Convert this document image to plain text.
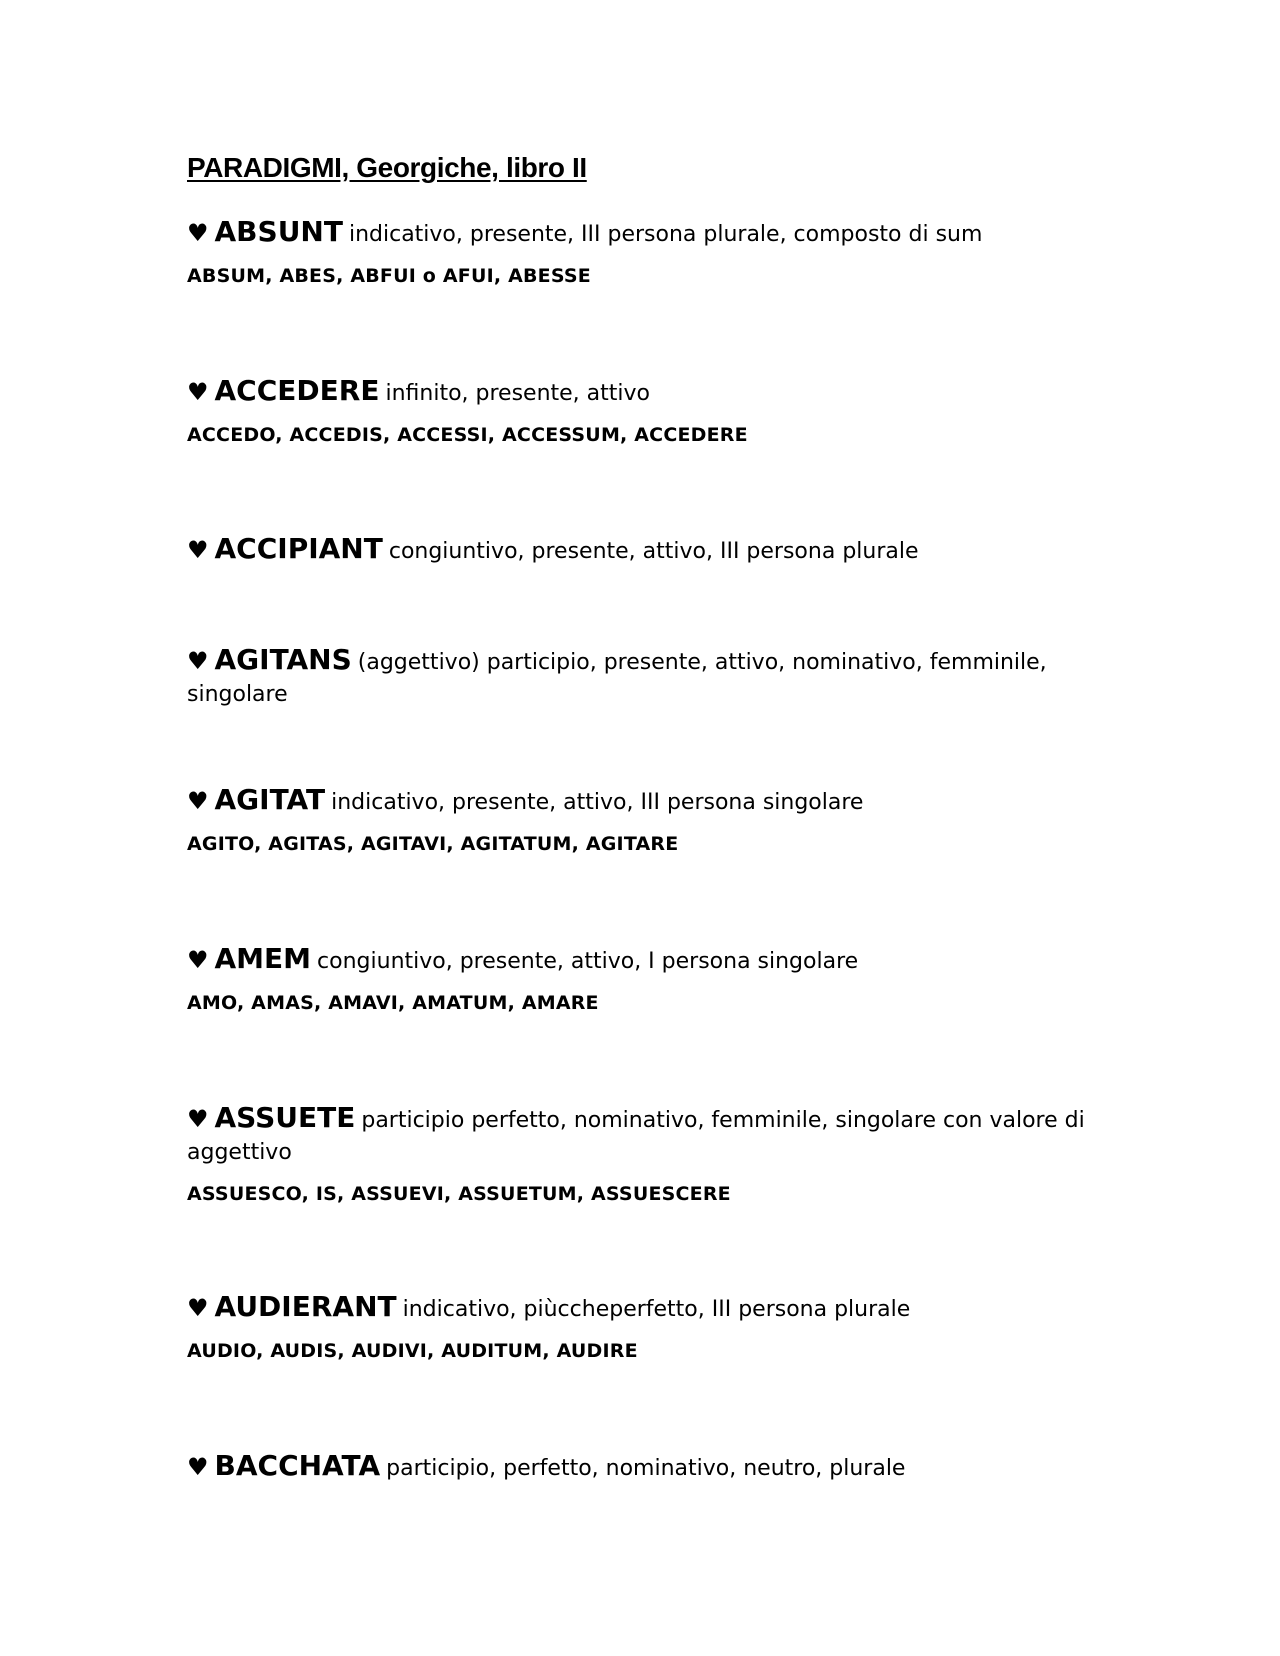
PARADIGMI, Georgiche, libro II

♥ ABSUNT indicativo, presente, III persona plurale, composto di sum

ABSUM, ABES, ABFUI o AFUI, ABESSE

♥ ACCEDERE infinito, presente, attivo

ACCEDO, ACCEDIS, ACCESSI, ACCESSUM, ACCEDERE

♥ ACCIPIANT congiuntivo, presente, attivo, III persona plurale

♥ AGITANS (aggettivo) participio, presente, attivo, nominativo, femminile, singolare

♥ AGITAT indicativo, presente, attivo, III persona singolare

AGITO, AGITAS, AGITAVI, AGITATUM, AGITARE

♥ AMEM congiuntivo, presente, attivo, I persona singolare

AMO, AMAS, AMAVI, AMATUM, AMARE

♥ ASSUETE participio perfetto, nominativo, femminile, singolare con valore di aggettivo

ASSUESCO, IS, ASSUEVI, ASSUETUM, ASSUESCERE

♥ AUDIERANT indicativo, piùccheperfetto, III persona plurale

AUDIO, AUDIS, AUDIVI, AUDITUM, AUDIRE

♥ BACCHATA participio, perfetto, nominativo, neutro, plurale
